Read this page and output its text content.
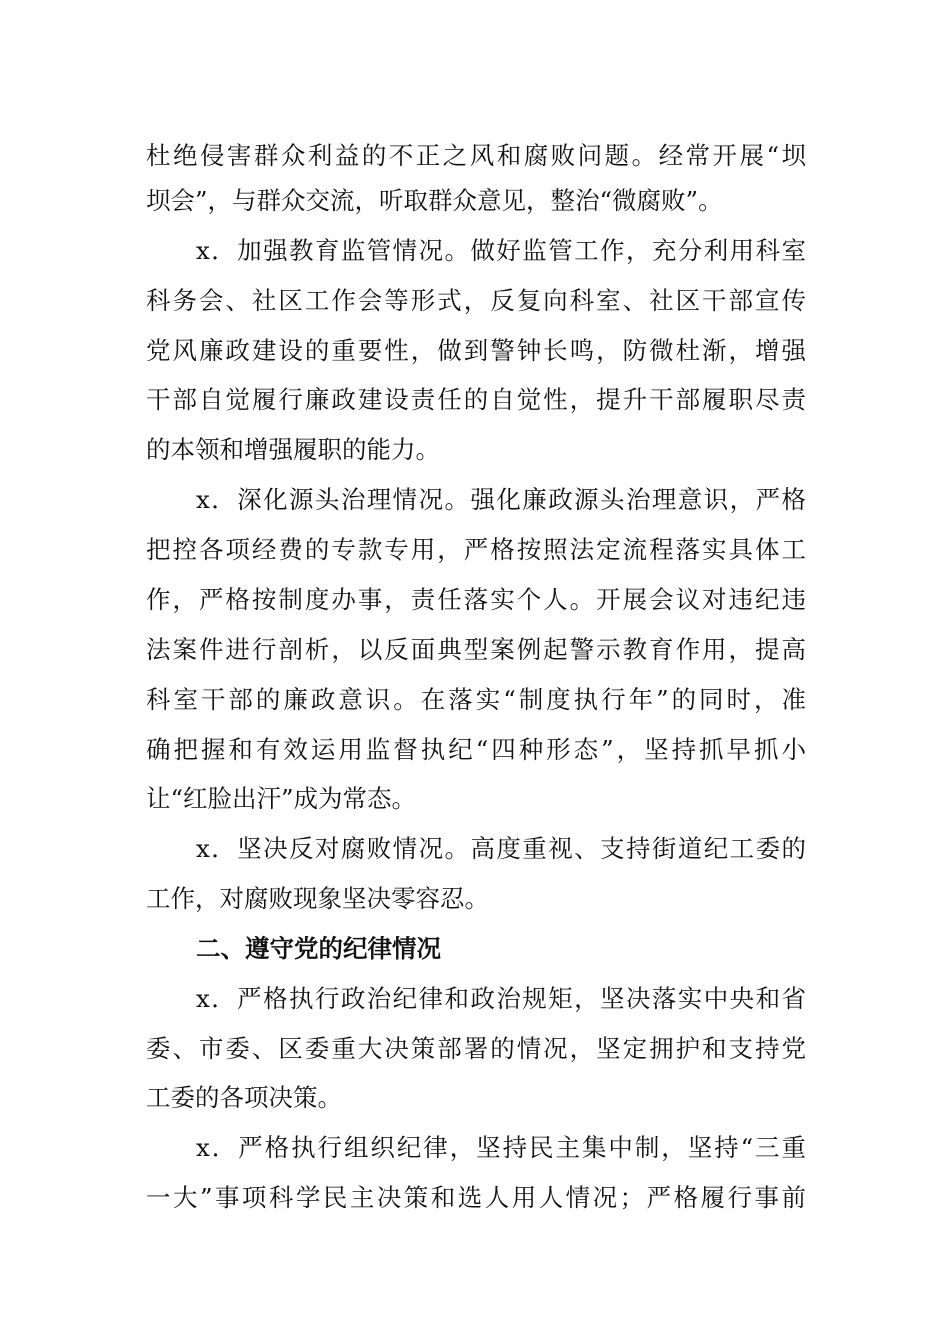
杜绝侵害群众利益的不正之风和腐败问题。经常开展“坝
坝会”，与群众交流，听取群众意见，整治“微腐败”。
x．加强教育监管情况。做好监管工作，充分利用科室
科务会、社区工作会等形式，反复向科室、社区干部宣传
党风廉政建设的重要性，做到警钟长鸣，防微杜渐，增强
干部自觉履行廉政建设责任的自觉性，提升干部履职尽责
的本领和增强履职的能力。
x．深化源头治理情况。强化廉政源头治理意识，严格
把控各项经费的专款专用，严格按照法定流程落实具体工
作，严格按制度办事，责任落实个人。开展会议对违纪违
法案件进行剖析，以反面典型案例起警示教育作用，提高
科室干部的廉政意识。在落实“制度执行年”的同时，准
确把握和有效运用监督执纪“四种形态”，坚持抓早抓小
让“红脸出汗”成为常态。
x．坚决反对腐败情况。高度重视、支持街道纪工委的
工作，对腐败现象坚决零容忍。
二、遵守党的纪律情况
x．严格执行政治纪律和政治规矩，坚决落实中央和省
委、市委、区委重大决策部署的情况，坚定拥护和支持党
工委的各项决策。
x．严格执行组织纪律，坚持民主集中制，坚持“三重
一大”事项科学民主决策和选人用人情况；严格履行事前
